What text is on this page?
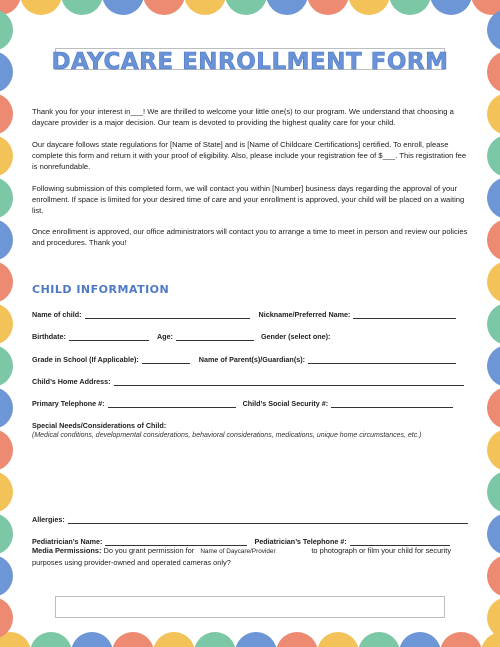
DAYCARE ENROLLMENT FORM
Thank you for your interest in___! We are thrilled to welcome your little one(s) to our program. We understand that choosing a daycare provider is a major decision. Our team is devoted to providing the highest quality care for your child.
Our daycare follows state regulations for [Name of State] and is [Name of Childcare Certifications] certified. To enroll, please complete this form and return it with your proof of eligibility. Also, please include your registration fee of $___. This registration fee is nonrefundable.
Following submission of this completed form, we will contact you within [Number] business days regarding the approval of your enrollment. If space is limited for your desired time of care and your enrollment is approved, your child will be placed on a waiting list.
Once enrollment is approved, our office administrators will contact you to arrange a time to meet in person and review our policies and procedures. Thank you!
CHILD INFORMATION
Name of child:	Nickname/Preferred Name:
Birthdate:	Age:	Gender (select one):
Grade in School (If Applicable):	Name of Parent(s)/Guardian(s):
Child’s Home Address:
Primary Telephone #:	Child’s Social Security #:
Special Needs/Considerations of Child:
(Medical conditions, developmental considerations, behavioral considerations, medications, unique home circumstances, etc.)
Allergies:
Pediatrician’s Name:	Pediatrician’s Telephone #:
Media Permissions: Do you grant permission for Name of Daycare/Provider	to photograph or film your child for security purposes using provider-owned and operated cameras only?
